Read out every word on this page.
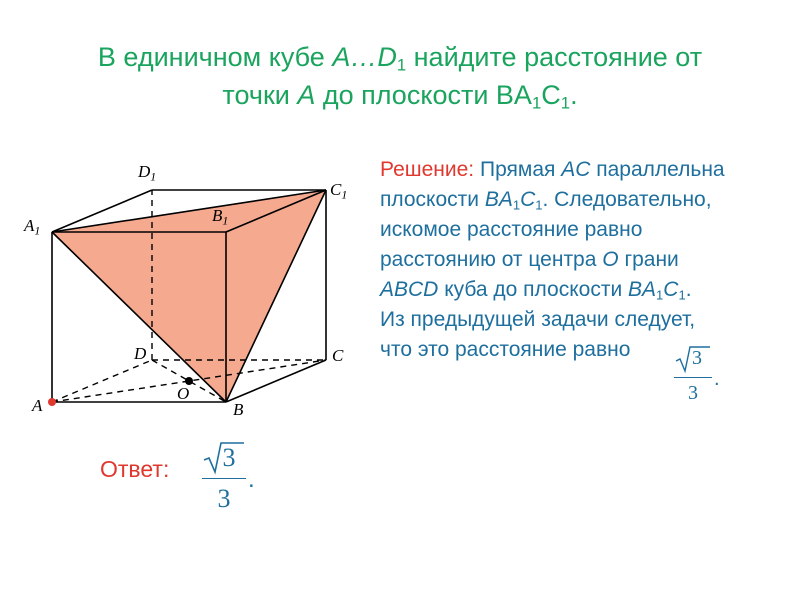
В единичном кубе $A\dots D_1$ найдите расстояние от
точки A до плоскости $BA_1C_1$.
$D_1$
$C_1$
$A_1$
$B_1$
D	C
O
A	B
Решение: Прямая AC параллельна
плоскости $BA_1C_1$. Следовательно,
искомое расстояние равно
расстоянию от центра O грани
ABCD куба до плоскости $BA_1C_1$.
Из предыдущей задачи следует,
что это расстояние равно	3
3
.
Ответ:	3
3
.
